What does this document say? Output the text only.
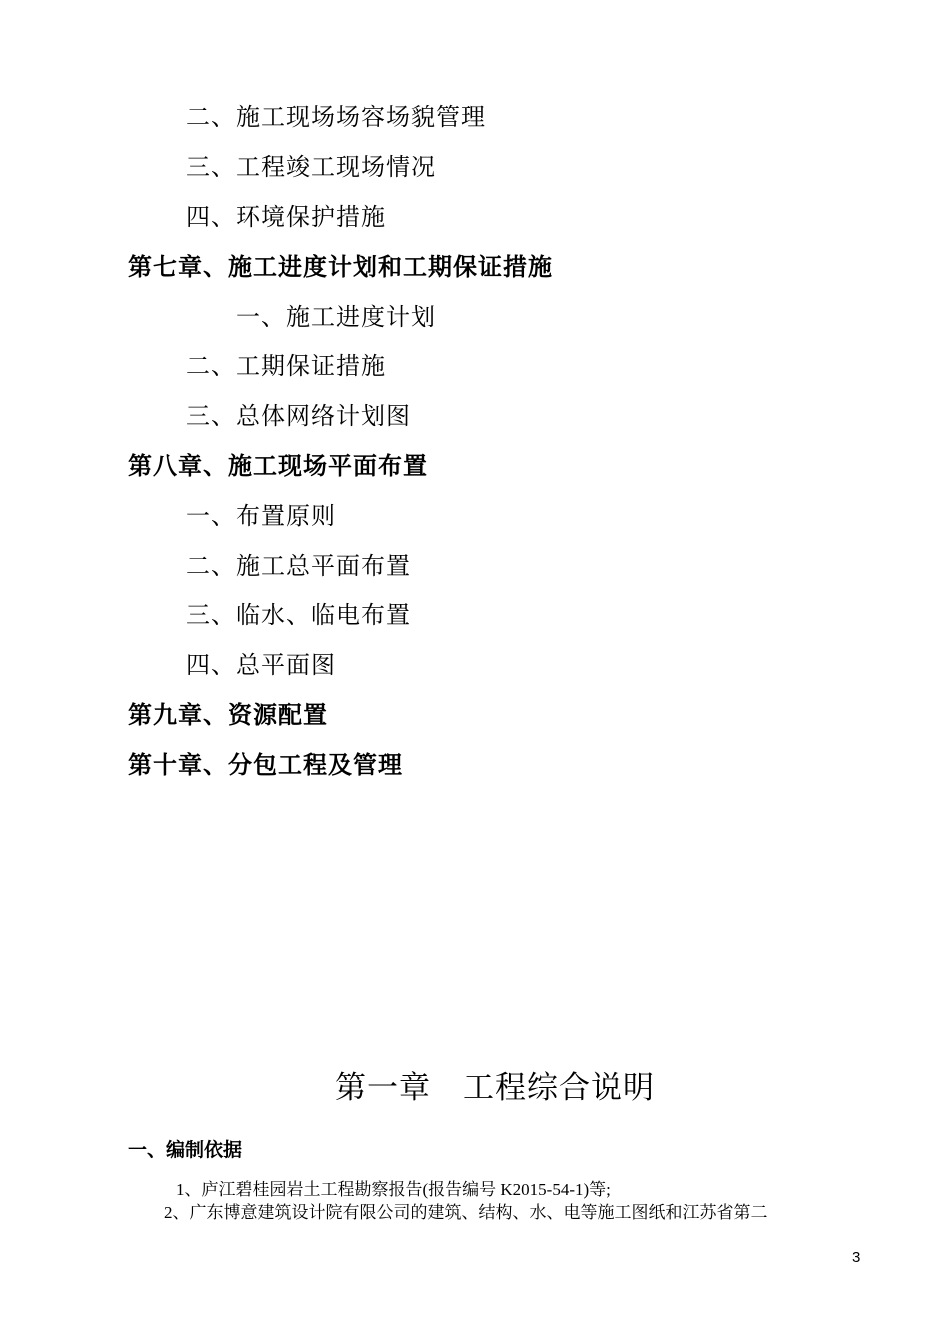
二、施工现场场容场貌管理
三、工程竣工现场情况
四、环境保护措施
第七章、施工进度计划和工期保证措施
一、施工进度计划
二、工期保证措施
三、总体网络计划图
第八章、施工现场平面布置
一、布置原则
二、施工总平面布置
三、临水、临电布置
四、总平面图
第九章、资源配置
第十章、分包工程及管理
第一章　工程综合说明
一、编制依据
1、庐江碧桂园岩土工程勘察报告(报告编号 K2015-54-1)等;
2、广东博意建筑设计院有限公司的建筑、结构、水、电等施工图纸和江苏省第二
3
